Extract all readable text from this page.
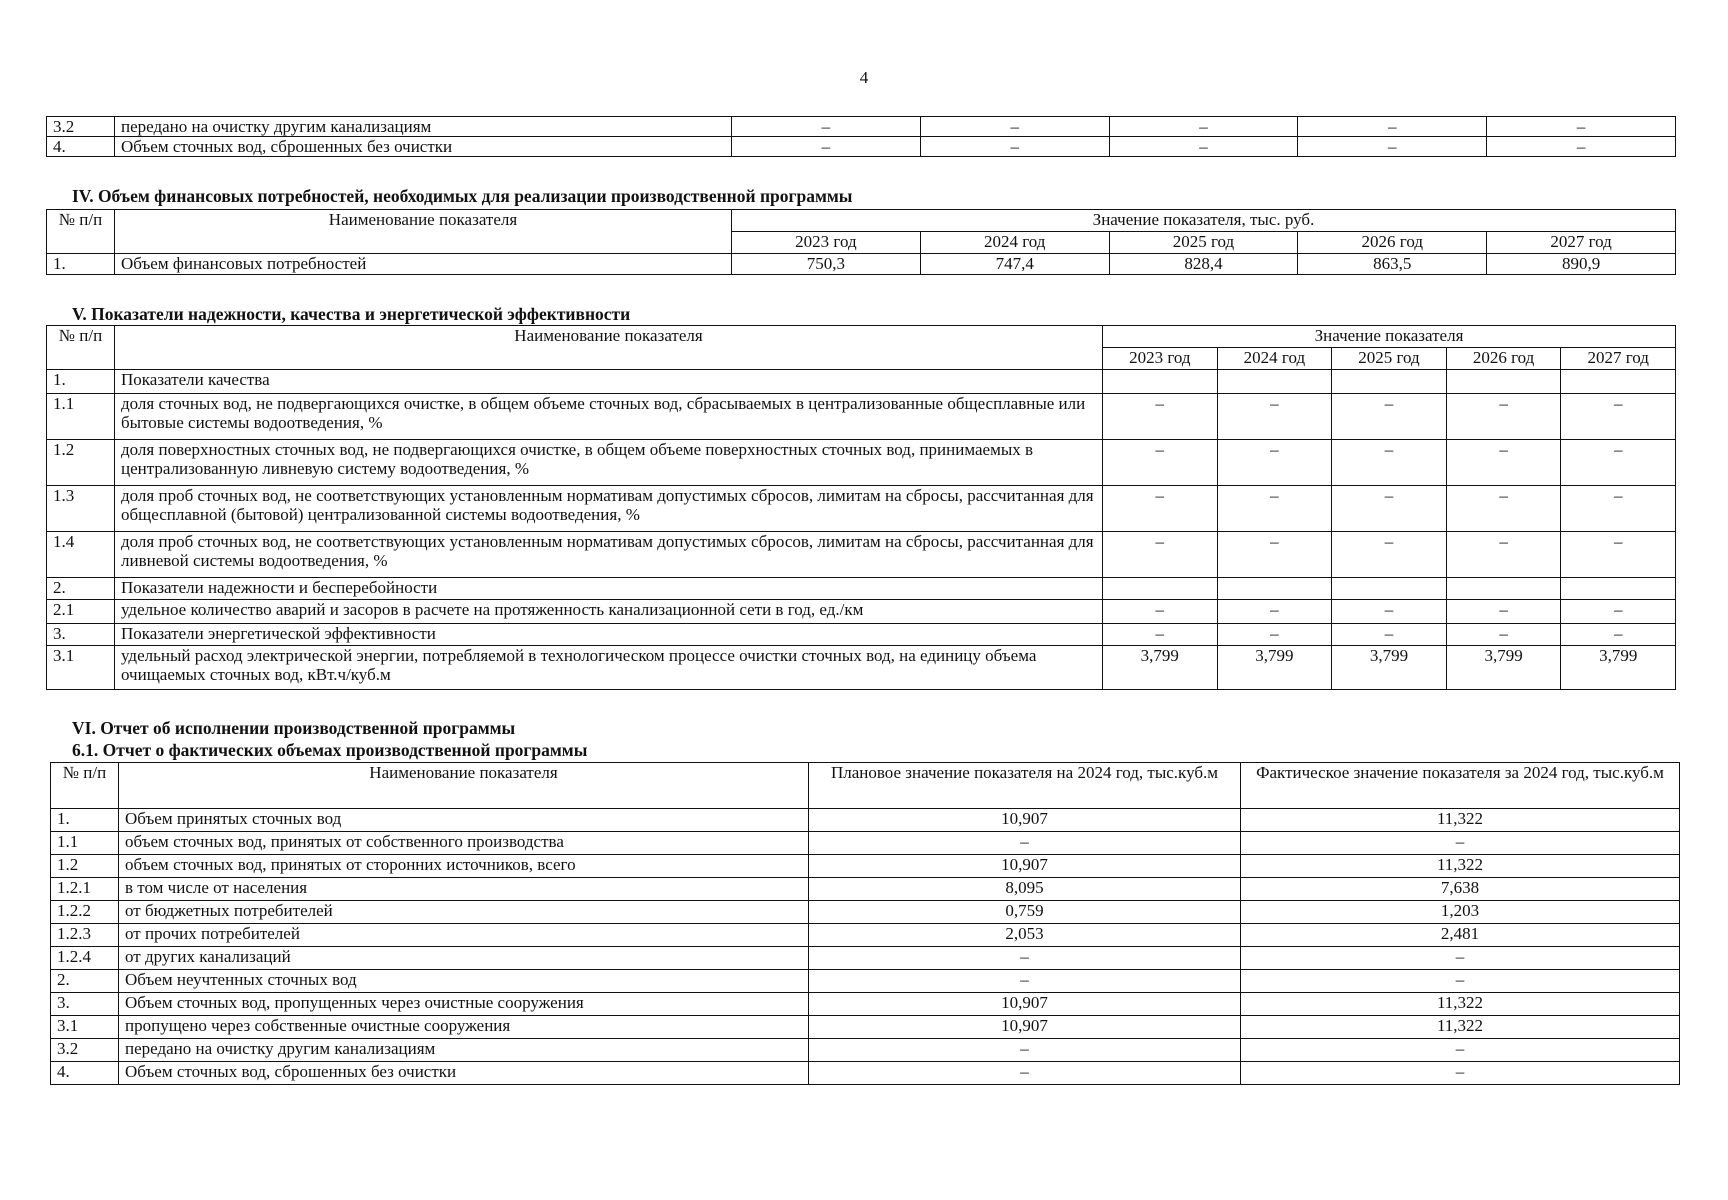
4
3.2	передано на очистку другим канализациям	–	–	–	–	–
4.	Объем сточных вод, сброшенных без очистки	–	–	–	–	–
IV. Объем финансовых потребностей, необходимых для реализации производственной программы
№ п/п	Наименование показателя	Значение показателя, тыс. руб.				
		2023 год	2024 год	2025 год	2026 год	2027 год
1.	Объем финансовых потребностей	750,3	747,4	828,4	863,5	890,9
V. Показатели надежности, качества и энергетической эффективности
№ п/п	Наименование показателя	Значение показателя				
		2023 год	2024 год	2025 год	2026 год	2027 год
1.	Показатели качества					
1.1	доля сточных вод, не подвергающихся очистке, в общем объеме сточных вод, сбрасываемых в централизованные общесплавные или бытовые системы водоотведения, %	–	–	–	–	–
1.2	доля поверхностных сточных вод, не подвергающихся очистке, в общем объеме поверхностных сточных вод, принимаемых в централизованную ливневую систему водоотведения, %	–	–	–	–	–
1.3	доля проб сточных вод, не соответствующих установленным нормативам допустимых сбросов, лимитам на сбросы, рассчитанная для общесплавной (бытовой) централизованной системы водоотведения, %	–	–	–	–	–
1.4	доля проб сточных вод, не соответствующих установленным нормативам допустимых сбросов, лимитам на сбросы, рассчитанная для ливневой системы водоотведения, %	–	–	–	–	–
2.	Показатели надежности и бесперебойности					
2.1	удельное количество аварий и засоров в расчете на протяженность канализационной сети в год, ед./км	–	–	–	–	–
3.	Показатели энергетической эффективности	–	–	–	–	–
3.1	удельный расход электрической энергии, потребляемой в технологическом процессе очистки сточных вод, на единицу объема очищаемых сточных вод, кВт.ч/куб.м	3,799	3,799	3,799	3,799	3,799
VI. Отчет об исполнении производственной программы
6.1. Отчет о фактических объемах производственной программы
№ п/п	Наименование показателя	Плановое значение показателя на 2024 год, тыс.куб.м	Фактическое значение показателя за 2024 год, тыс.куб.м
1.	Объем принятых сточных вод	10,907	11,322
1.1	объем сточных вод, принятых от собственного производства	–	–
1.2	объем сточных вод, принятых от сторонних источников, всего	10,907	11,322
1.2.1	в том числе от населения	8,095	7,638
1.2.2	от бюджетных потребителей	0,759	1,203
1.2.3	от прочих потребителей	2,053	2,481
1.2.4	от других канализаций	–	–
2.	Объем неучтенных сточных вод	–	–
3.	Объем сточных вод, пропущенных через очистные сооружения	10,907	11,322
3.1	пропущено через собственные очистные сооружения	10,907	11,322
3.2	передано на очистку другим канализациям	–	–
4.	Объем сточных вод, сброшенных без очистки	–	–
